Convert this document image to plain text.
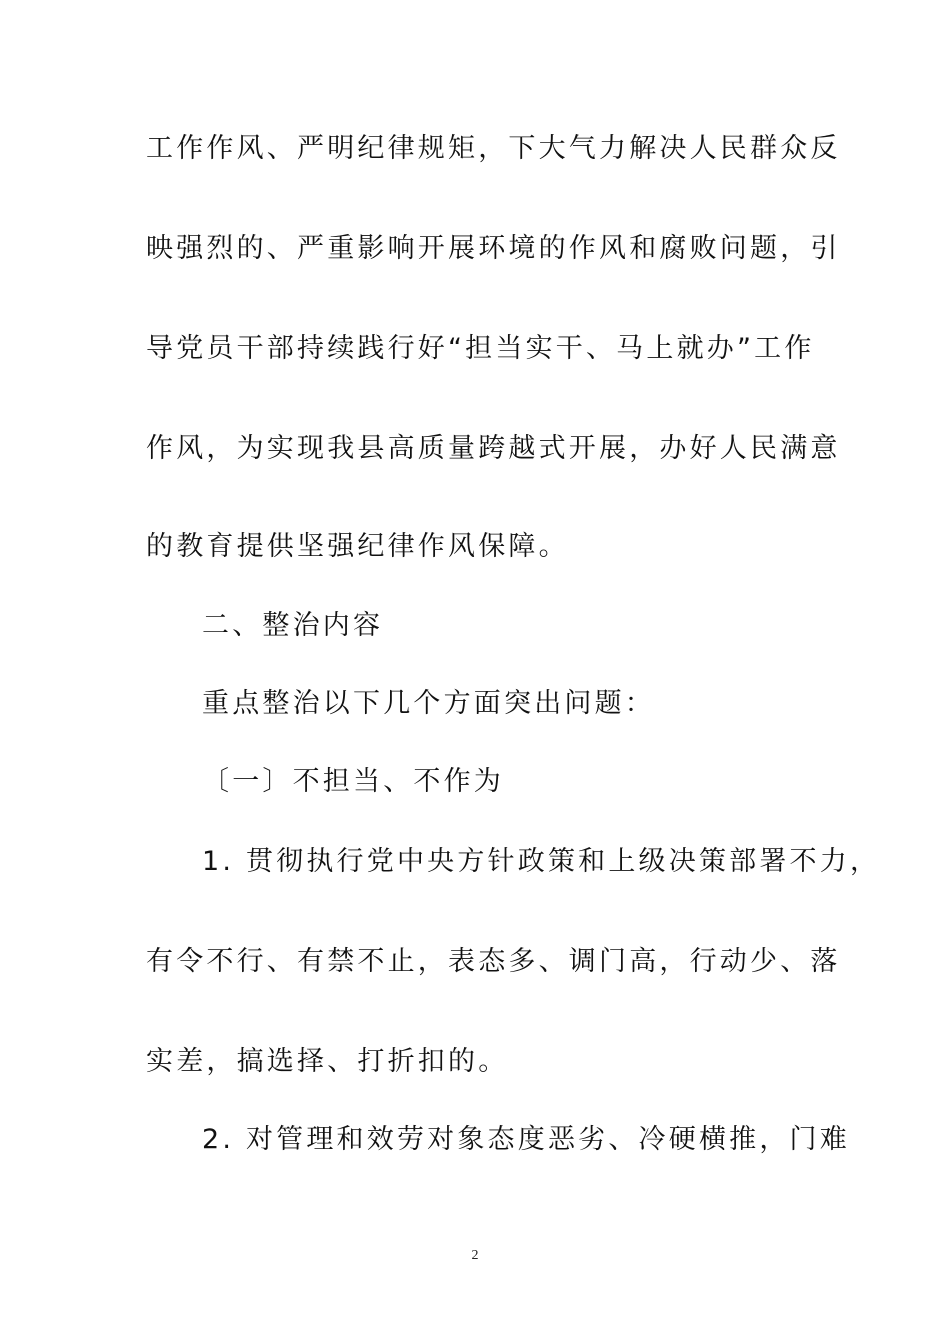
工作作风、严明纪律规矩，下大气力解决人民群众反
映强烈的、严重影响开展环境的作风和腐败问题，引
导党员干部持续践行好“担当实干、马上就办”工作
作风，为实现我县高质量跨越式开展，办好人民满意
的教育提供坚强纪律作风保障。
二、整治内容
重点整治以下几个方面突出问题：
〔一〕不担当、不作为
1. 贯彻执行党中央方针政策和上级决策部署不力，
有令不行、有禁不止，表态多、调门高，行动少、落
实差，搞选择、打折扣的。
2. 对管理和效劳对象态度恶劣、冷硬横推，门难
2
